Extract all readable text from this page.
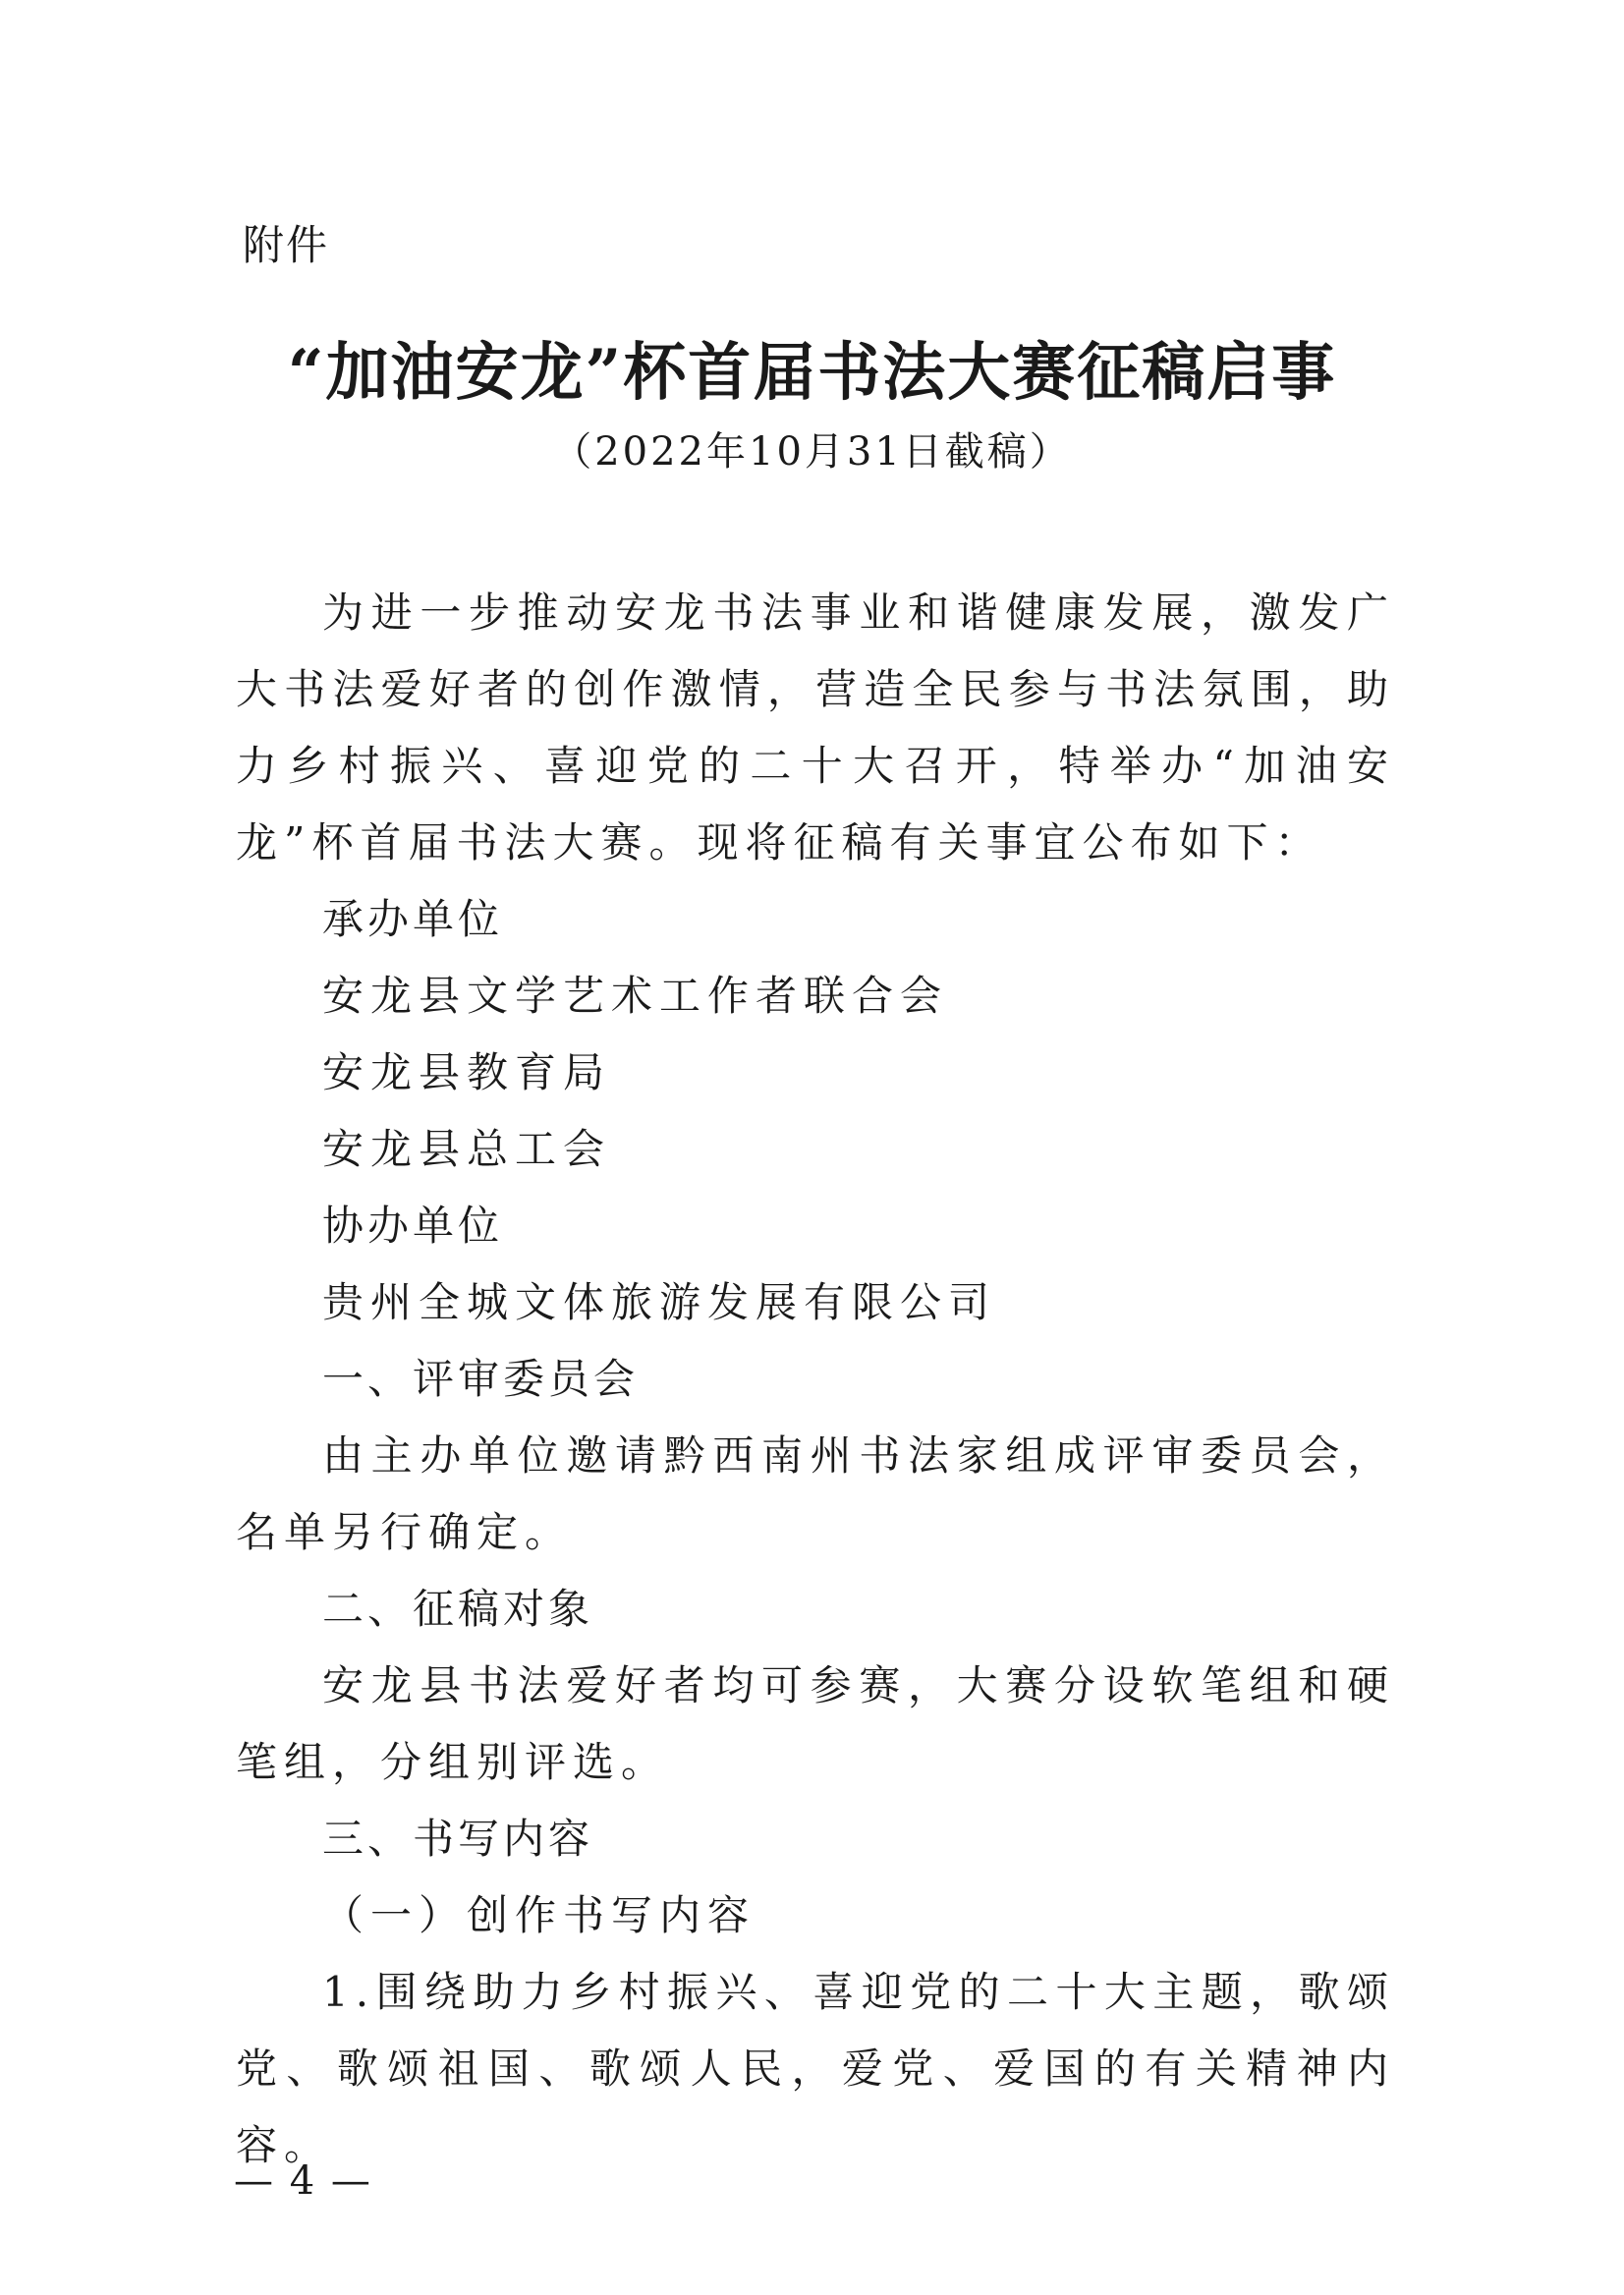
附件
“加油安龙”杯首届书法大赛征稿启事
（2022年10月31日截稿）

为进一步推动安龙书法事业和谐健康发展，激发广大书法爱好者的创作激情，营造全民参与书法氛围，助力乡村振兴、喜迎党的二十大召开，特举办“加油安龙”杯首届书法大赛。现将征稿有关事宜公布如下：

承办单位

安龙县文学艺术工作者联合会

安龙县教育局

安龙县总工会

协办单位

贵州全城文体旅游发展有限公司

一、评审委员会

由主办单位邀请黔西南州书法家组成评审委员会，名单另行确定。

二、征稿对象

安龙县书法爱好者均可参赛，大赛分设软笔组和硬笔组，分组别评选。

三、书写内容

（一）创作书写内容

1.围绕助力乡村振兴、喜迎党的二十大主题，歌颂党、歌颂祖国、歌颂人民，爱党、爱国的有关精神内容。

— 4 —
